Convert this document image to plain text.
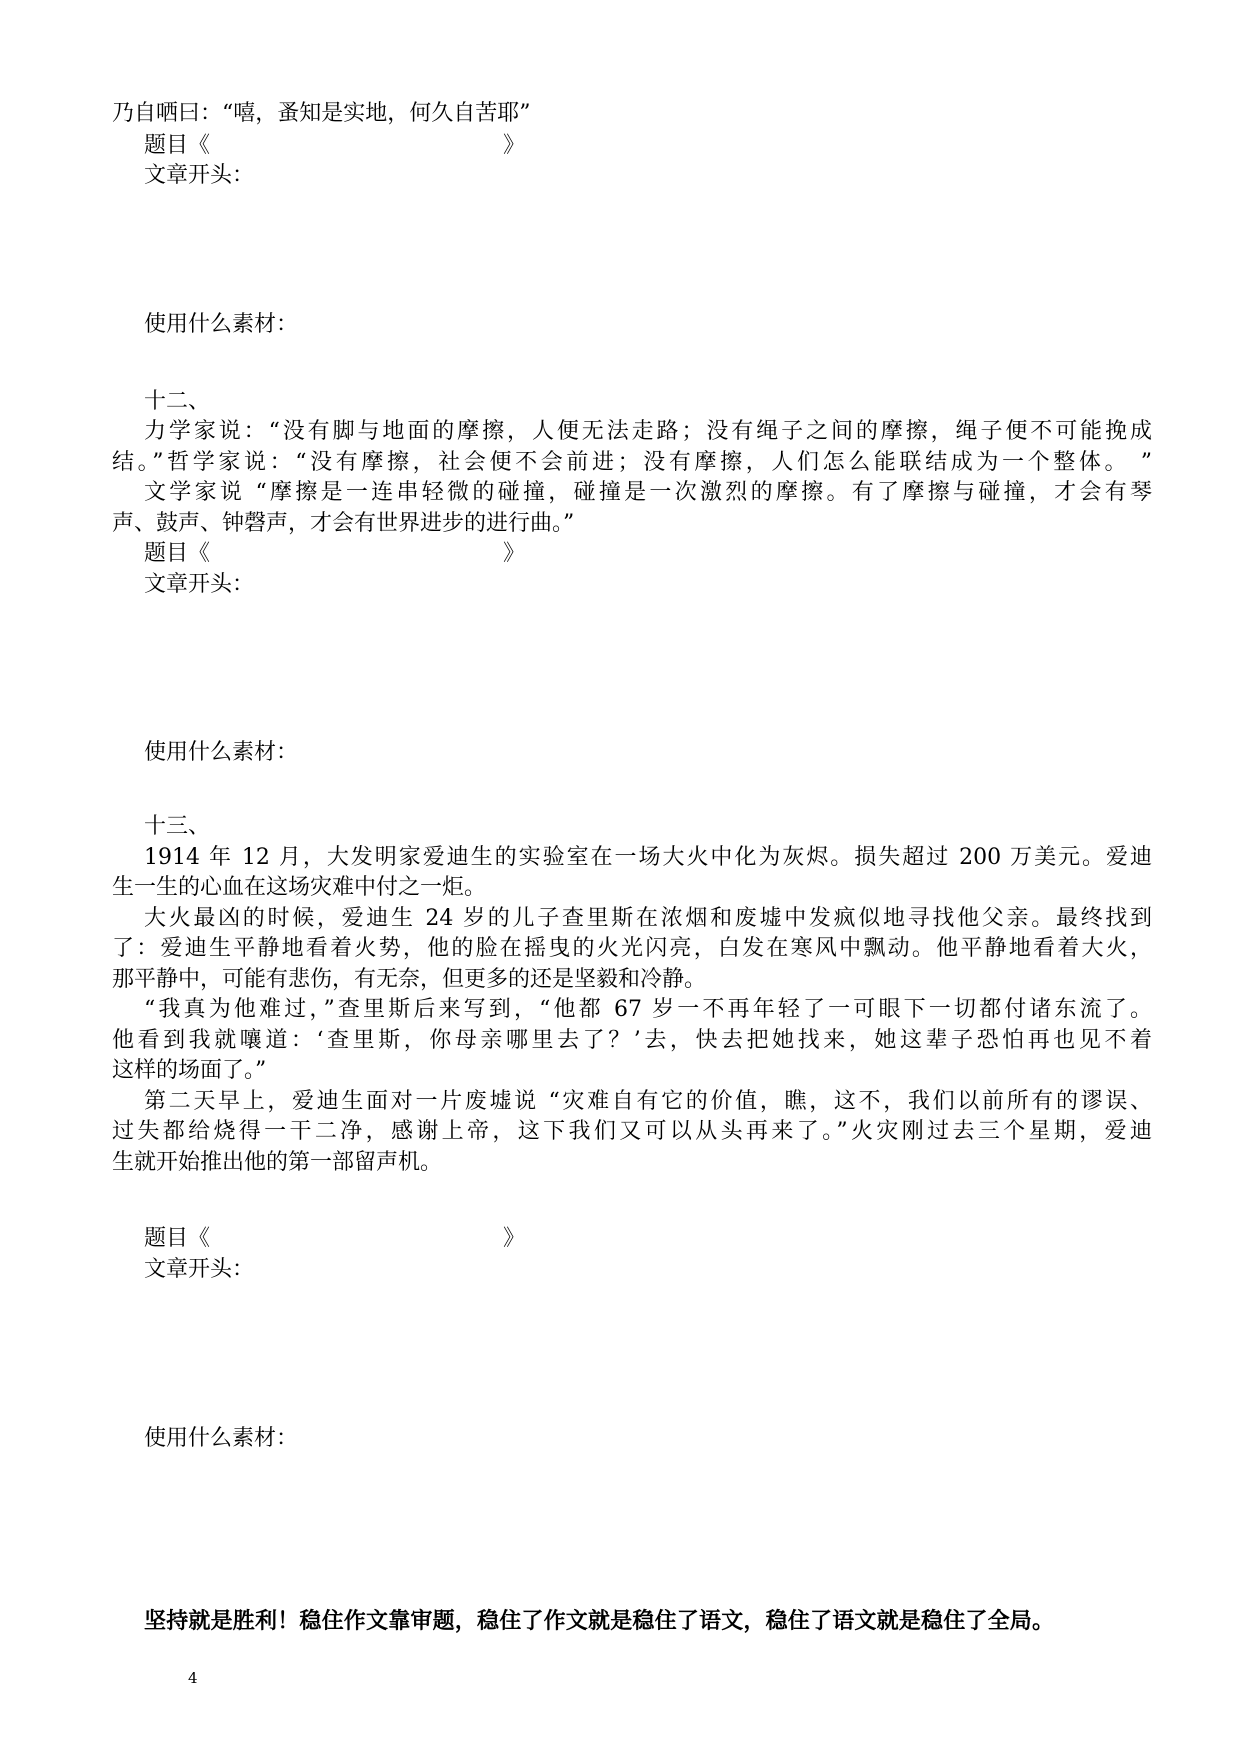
乃自哂曰：“嘻，蚤知是实地，何久自苦耶”
题目《	》
文章开头：
使用什么素材：
十二、
力学家说：“没有脚与地面的摩擦，人便无法走路；没有绳子之间的摩擦，绳子便不可能挽成
结。”哲学家说：“没有摩擦，社会便不会前进；没有摩擦，人们怎么能联结成为一个整体。 ”
文学家说 “摩擦是一连串轻微的碰撞，碰撞是一次激烈的摩擦。有了摩擦与碰撞，才会有琴
声、鼓声、钟磬声，才会有世界进步的进行曲。”
题目《	》
文章开头：
使用什么素材：
十三、
1914 年 12 月，大发明家爱迪生的实验室在一场大火中化为灰烬。损失超过 200 万美元。爱迪
生一生的心血在这场灾难中付之一炬。
大火最凶的时候，爱迪生 24 岁的儿子查里斯在浓烟和废墟中发疯似地寻找他父亲。最终找到
了：爱迪生平静地看着火势，他的脸在摇曳的火光闪亮，白发在寒风中飘动。他平静地看着大火，
那平静中，可能有悲伤，有无奈，但更多的还是坚毅和冷静。
“我真为他难过，”查里斯后来写到，“他都 67 岁一不再年轻了一可眼下一切都付诸东流了。
他看到我就嚷道：‘查里斯，你母亲哪里去了？’去，快去把她找来，她这辈子恐怕再也见不着
这样的场面了。”
第二天早上，爱迪生面对一片废墟说 “灾难自有它的价值，瞧，这不，我们以前所有的谬误、
过失都给烧得一干二净，感谢上帝，这下我们又可以从头再来了。”火灾刚过去三个星期，爱迪
生就开始推出他的第一部留声机。
题目《	》
文章开头：
使用什么素材：
坚持就是胜利！稳住作文靠审题，稳住了作文就是稳住了语文，稳住了语文就是稳住了全局。
4
